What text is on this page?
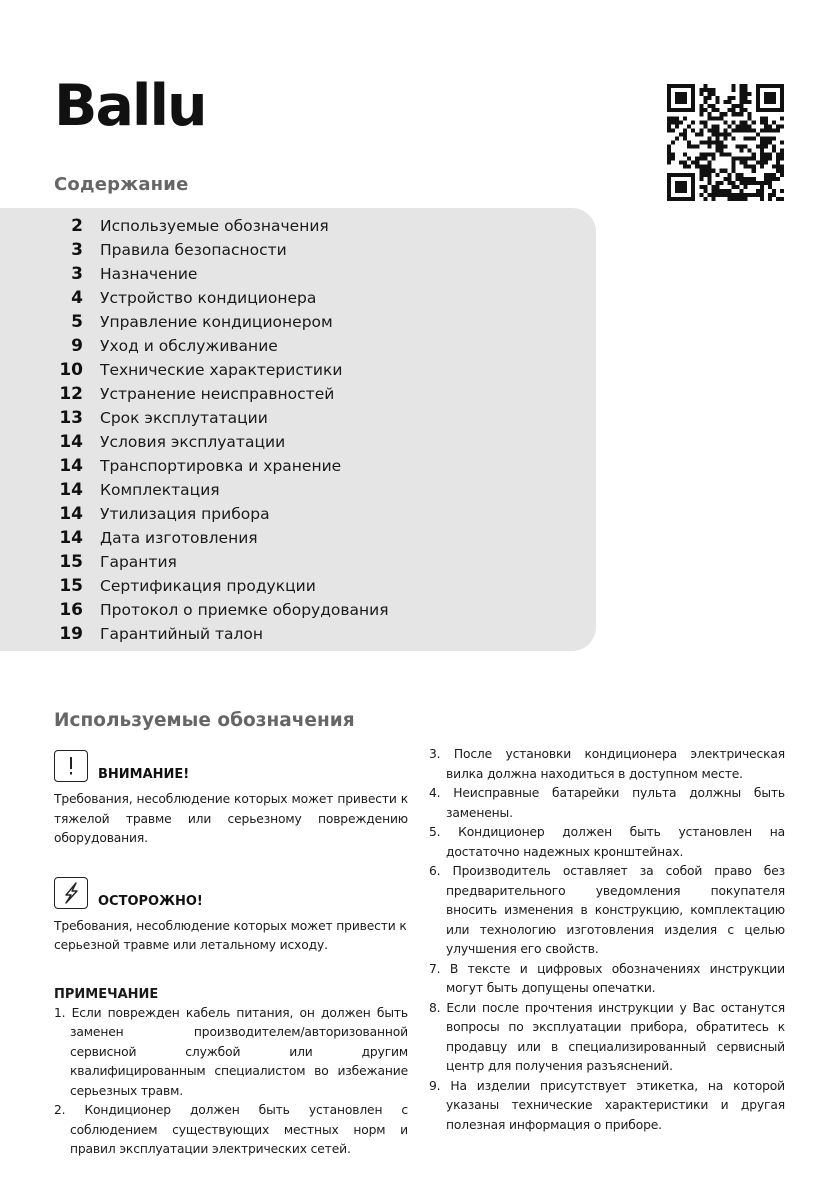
Ballu
Содержание
2 Используемые обозначения
3 Правила безопасности
3 Назначение
4 Устройство кондиционера
5 Управление кондиционером
9 Уход и обслуживание
10 Технические характеристики
12 Устранение неисправностей
13 Срок эксплутатации
14 Условия эксплуатации
14 Транспортировка и хранение
14 Комплектация
14 Утилизация прибора
14 Дата изготовления
15 Гарантия
15 Сертификация продукции
16 Протокол о приемке оборудования
19 Гарантийный талон
Используемые обозначения
ВНИМАНИЕ!
Требования, несоблюдение которых может привести к тяжелой травме или серьезному повреждению оборудования.
ОСТОРОЖНО!
Требования, несоблюдение которых может привести к серьезной травме или летальному исходу.
ПРИМЕЧАНИЕ
1. Если поврежден кабель питания, он должен быть заменен производителем/авторизованной сервисной службой или другим квалифицированным специалистом во избежание серьезных травм.
2. Кондиционер должен быть установлен с соблюдением существующих местных норм и правил эксплуатации электрических сетей.
3. После установки кондиционера электрическая вилка должна находиться в доступном месте.
4. Неисправные батарейки пульта должны быть заменены.
5. Кондиционер должен быть установлен на достаточно надежных кронштейнах.
6. Производитель оставляет за собой право без предварительного уведомления покупателя вносить изменения в конструкцию, комплектацию или технологию изготовления изделия с целью улучшения его свойств.
7. В тексте и цифровых обозначениях инструкции могут быть допущены опечатки.
8. Если после прочтения инструкции у Вас останутся вопросы по эксплуатации прибора, обратитесь к продавцу или в специализированный сервисный центр для получения разъяснений.
9. На изделии присутствует этикетка, на которой указаны технические характеристики и другая полезная информация о приборе.
